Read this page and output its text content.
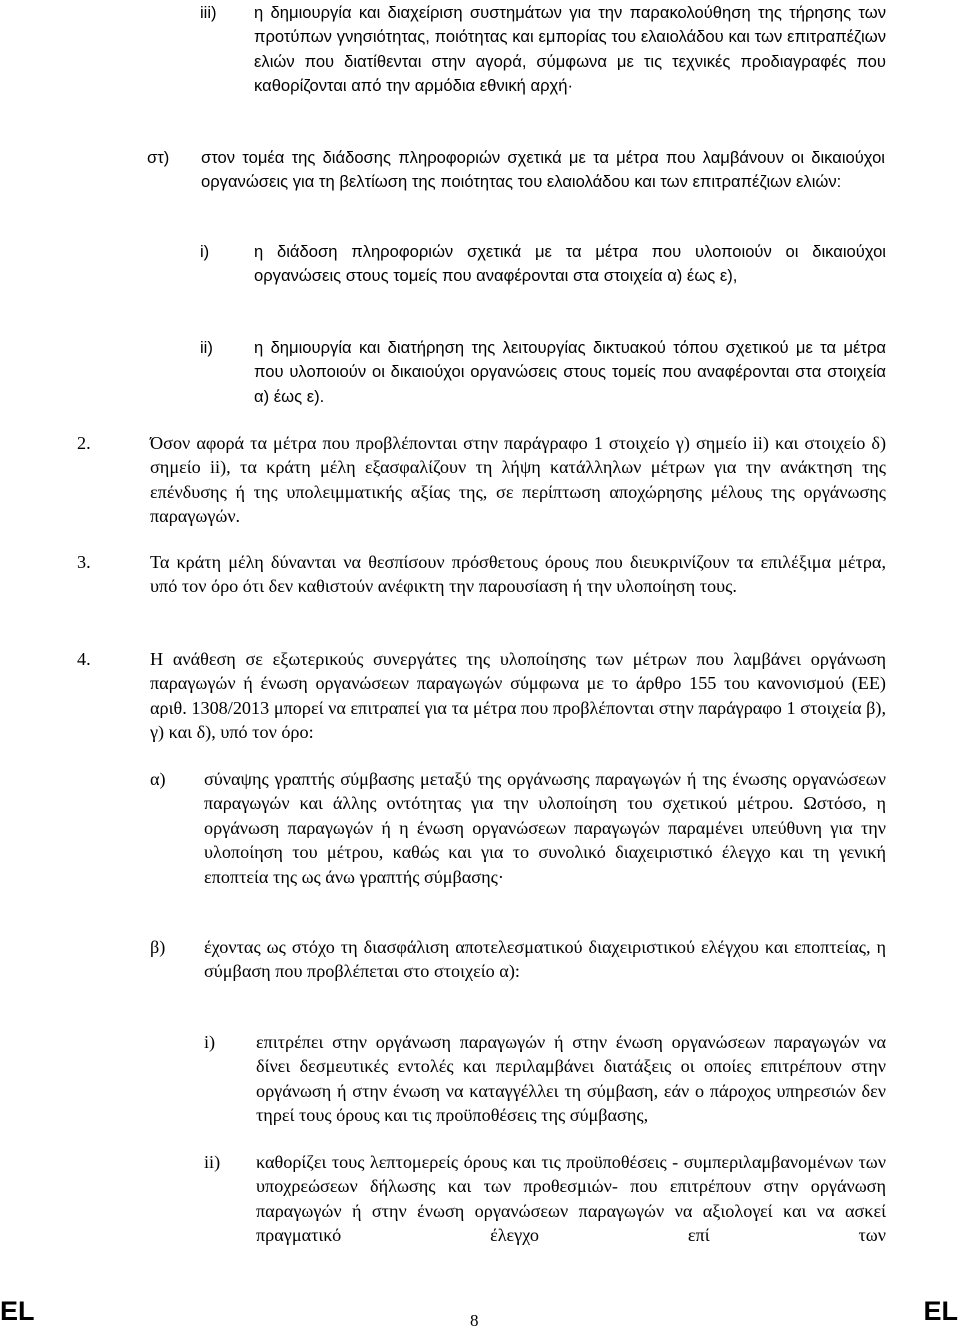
iii) η δημιουργία και διαχείριση συστημάτων για την παρακολούθηση της τήρησης των προτύπων γνησιότητας, ποιότητας και εμπορίας του ελαιολάδου και των επιτραπέζιων ελιών που διατίθενται στην αγορά, σύμφωνα με τις τεχνικές προδιαγραφές που καθορίζονται από την αρμόδια εθνική αρχή·
στ) στον τομέα της διάδοσης πληροφοριών σχετικά με τα μέτρα που λαμβάνουν οι δικαιούχοι οργανώσεις για τη βελτίωση της ποιότητας του ελαιολάδου και των επιτραπέζιων ελιών:
i)	η διάδοση πληροφοριών σχετικά με τα μέτρα που υλοποιούν οι δικαιούχοι οργανώσεις στους τομείς που αναφέρονται στα στοιχεία α) έως ε),
ii) η δημιουργία και διατήρηση της λειτουργίας δικτυακού τόπου σχετικού με τα μέτρα που υλοποιούν οι δικαιούχοι οργανώσεις στους τομείς που αναφέρονται στα στοιχεία α) έως ε).
2.	Όσον αφορά τα μέτρα που προβλέπονται στην παράγραφο 1 στοιχείο γ) σημείο ii) και στοιχείο δ) σημείο ii), τα κράτη μέλη εξασφαλίζουν τη λήψη κατάλληλων μέτρων για την ανάκτηση της επένδυσης ή της υπολειμματικής αξίας της, σε περίπτωση αποχώρησης μέλους της οργάνωσης παραγωγών.
3.	Τα κράτη μέλη δύνανται να θεσπίσουν πρόσθετους όρους που διευκρινίζουν τα επιλέξιμα μέτρα, υπό τον όρο ότι δεν καθιστούν ανέφικτη την παρουσίαση ή την υλοποίηση τους.
4.	Η ανάθεση σε εξωτερικούς συνεργάτες της υλοποίησης των μέτρων που λαμβάνει οργάνωση παραγωγών ή ένωση οργανώσεων παραγωγών σύμφωνα με το άρθρο 155 του κανονισμού (ΕΕ) αριθ. 1308/2013 μπορεί να επιτραπεί για τα μέτρα που προβλέπονται στην παράγραφο 1 στοιχεία β), γ) και δ), υπό τον όρο:
α) σύναψης γραπτής σύμβασης μεταξύ της οργάνωσης παραγωγών ή της ένωσης οργανώσεων παραγωγών και άλλης οντότητας για την υλοποίηση του σχετικού μέτρου. Ωστόσο, η οργάνωση παραγωγών ή η ένωση οργανώσεων παραγωγών παραμένει υπεύθυνη για την υλοποίηση του μέτρου, καθώς και για το συνολικό διαχειριστικό έλεγχο και τη γενική εποπτεία της ως άνω γραπτής σύμβασης·
β) έχοντας ως στόχο τη διασφάλιση αποτελεσματικού διαχειριστικού ελέγχου και εποπτείας, η σύμβαση που προβλέπεται στο στοιχείο α):
i) επιτρέπει στην οργάνωση παραγωγών ή στην ένωση οργανώσεων παραγωγών να δίνει δεσμευτικές εντολές και περιλαμβάνει διατάξεις οι οποίες επιτρέπουν στην οργάνωση ή στην ένωση να καταγγέλλει τη σύμβαση, εάν ο πάροχος υπηρεσιών δεν τηρεί τους όρους και τις προϋποθέσεις της σύμβασης,
ii) καθορίζει τους λεπτομερείς όρους και τις προϋποθέσεις - συμπεριλαμβανομένων των υποχρεώσεων δήλωσης και των προθεσμιών- που επιτρέπουν στην οργάνωση παραγωγών ή στην ένωση οργανώσεων παραγωγών να αξιολογεί και να ασκεί πραγματικό έλεγχο επί των
EL	8	EL
